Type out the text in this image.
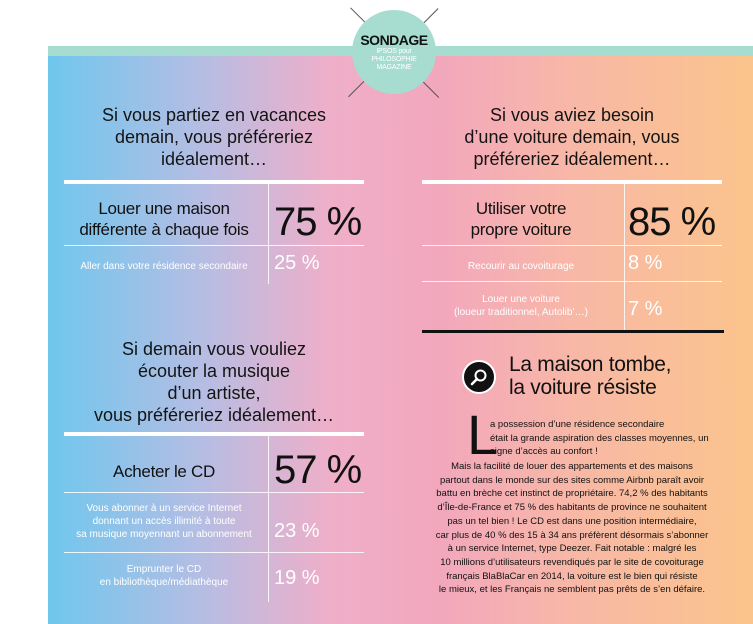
SONDAGE
IPSOS pour
PHILOSOPHIE
MAGAZINE
Si vous partiez en vacances
demain, vous préféreriez
idéalement…
Louer une maison
différente à chaque fois 75 %
Aller dans votre résidence secondaire	25 %
Si demain vous vouliez
écouter la musique
d’un artiste,
vous préféreriez idéalement…
Acheter le CD	57 %
Vous abonner à un service Internet
donnant un accès illimité à toute
sa musique moyennant un abonnement	23 %
Emprunter le CD
en bibliothèque/médiathèque	19 %
Si vous aviez besoin
d’une voiture demain, vous
préféreriez idéalement…
Utiliser votre
propre voiture	85 %
Recourir au covoiturage	8 %
Louer une voiture
(loueur traditionnel, Autolib’…)	7 %
La maison tombe,
la voiture résiste
L
a possession d’une résidence secondaire
était la grande aspiration des classes moyennes, un
signe d’accès au confort !
Mais la facilité de louer des appartements et des maisons
partout dans le monde sur des sites comme Airbnb paraît avoir
battu en brèche cet instinct de propriétaire. 74,2 % des habitants
d’Île-de-France et 75 % des habitants de province ne souhaitent
pas un tel bien ! Le CD est dans une position intermédiaire,
car plus de 40 % des 15 à 34 ans préfèrent désormais s’abonner
à un service Internet, type Deezer. Fait notable : malgré les
10 millions d’utilisateurs revendiqués par le site de covoiturage
français BlaBlaCar en 2014, la voiture est le bien qui résiste
le mieux, et les Français ne semblent pas prêts de s’en défaire.
